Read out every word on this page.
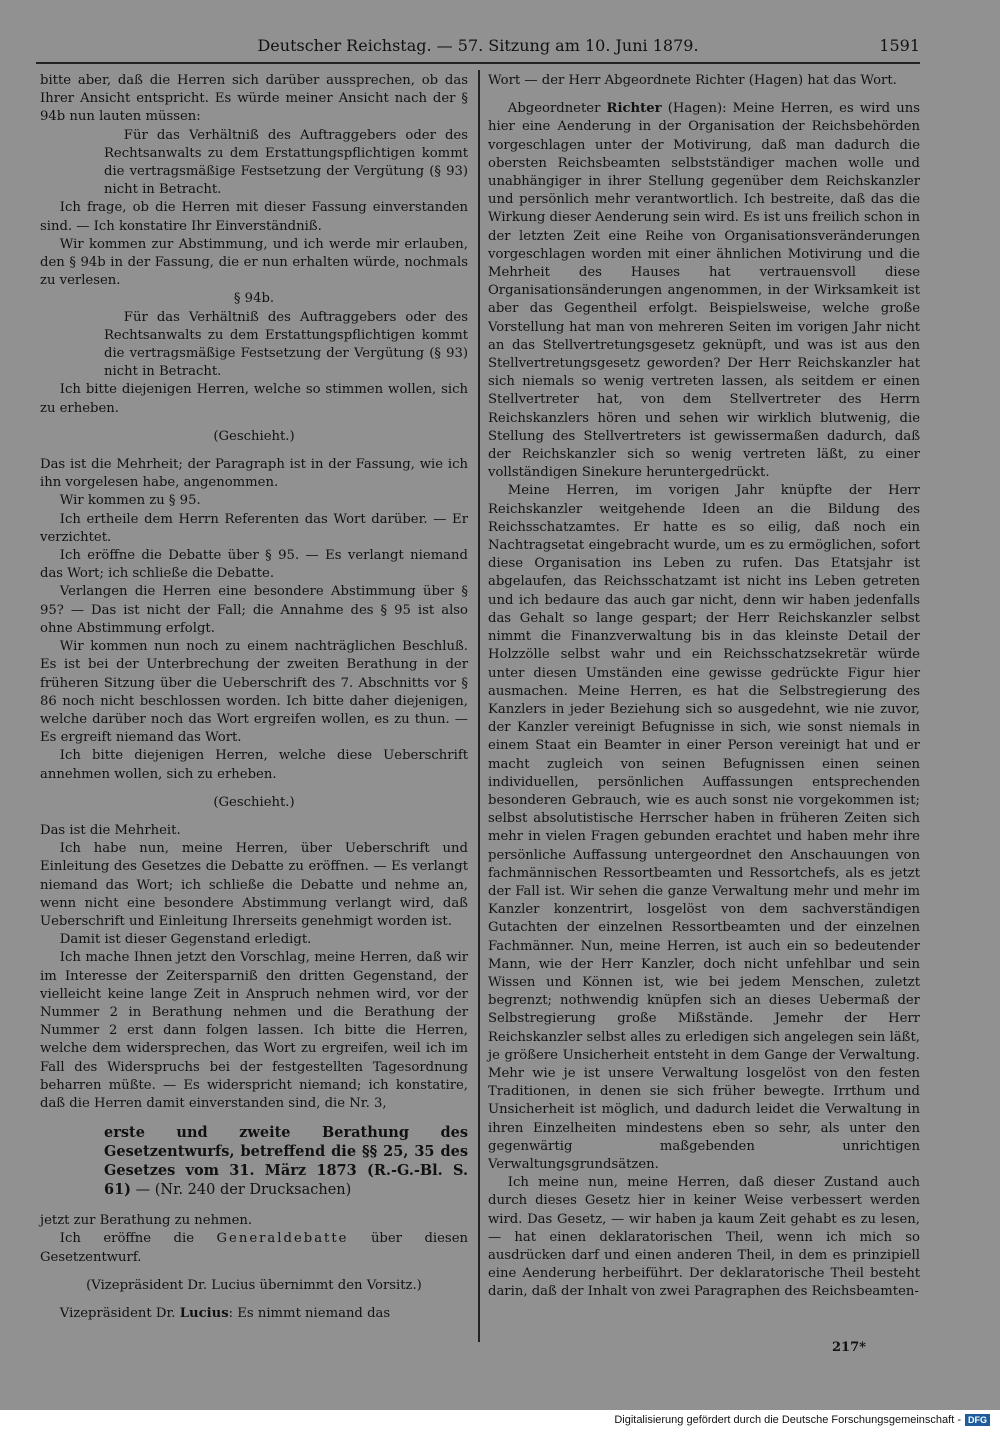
Deutscher Reichstag. — 57. Sitzung am 10. Juni 1879.	1591

bitte aber, daß die Herren sich darüber aussprechen, ob das Ihrer Ansicht entspricht. Es würde meiner Ansicht nach der § 94b nun lauten müssen:

Für das Verhältniß des Auftraggebers oder des Rechtsanwalts zu dem Erstattungspflichtigen kommt die vertragsmäßige Festsetzung der Vergütung (§ 93) nicht in Betracht.

Ich frage, ob die Herren mit dieser Fassung einverstanden sind. — Ich konstatire Ihr Einverständniß.

Wir kommen zur Abstimmung, und ich werde mir erlauben, den § 94b in der Fassung, die er nun erhalten würde, nochmals zu verlesen.

§ 94b.

Für das Verhältniß des Auftraggebers oder des Rechtsanwalts zu dem Erstattungspflichtigen kommt die vertragsmäßige Festsetzung der Vergütung (§ 93) nicht in Betracht.

Ich bitte diejenigen Herren, welche so stimmen wollen, sich zu erheben.

(Geschieht.)

Das ist die Mehrheit; der Paragraph ist in der Fassung, wie ich ihn vorgelesen habe, angenommen.

Wir kommen zu § 95.

Ich ertheile dem Herrn Referenten das Wort darüber. — Er verzichtet.

Ich eröffne die Debatte über § 95. — Es verlangt niemand das Wort; ich schließe die Debatte.

Verlangen die Herren eine besondere Abstimmung über § 95? — Das ist nicht der Fall; die Annahme des § 95 ist also ohne Abstimmung erfolgt.

Wir kommen nun noch zu einem nachträglichen Beschluß. Es ist bei der Unterbrechung der zweiten Berathung in der früheren Sitzung über die Ueberschrift des 7. Abschnitts vor § 86 noch nicht beschlossen worden. Ich bitte daher diejenigen, welche darüber noch das Wort ergreifen wollen, es zu thun. — Es ergreift niemand das Wort.

Ich bitte diejenigen Herren, welche diese Ueberschrift annehmen wollen, sich zu erheben.

(Geschieht.)

Das ist die Mehrheit.

Ich habe nun, meine Herren, über Ueberschrift und Einleitung des Gesetzes die Debatte zu eröffnen. — Es verlangt niemand das Wort; ich schließe die Debatte und nehme an, wenn nicht eine besondere Abstimmung verlangt wird, daß Ueberschrift und Einleitung Ihrerseits genehmigt worden ist.

Damit ist dieser Gegenstand erledigt.

Ich mache Ihnen jetzt den Vorschlag, meine Herren, daß wir im Interesse der Zeitersparniß den dritten Gegenstand, der vielleicht keine lange Zeit in Anspruch nehmen wird, vor der Nummer 2 in Berathung nehmen und die Berathung der Nummer 2 erst dann folgen lassen. Ich bitte die Herren, welche dem widersprechen, das Wort zu ergreifen, weil ich im Fall des Widerspruchs bei der festgestellten Tagesordnung beharren müßte. — Es widerspricht niemand; ich konstatire, daß die Herren damit einverstanden sind, die Nr. 3,

erste und zweite Berathung des Gesetzentwurfs, betreffend die §§ 25, 35 des Gesetzes vom 31. März 1873 (R.-G.-Bl. S. 61) — (Nr. 240 der Drucksachen)

jetzt zur Berathung zu nehmen.

Ich eröffne die Generaldebatte über diesen Gesetzentwurf.

(Vizepräsident Dr. Lucius übernimmt den Vorsitz.)

Vizepräsident Dr. Lucius: Es nimmt niemand das

Wort — der Herr Abgeordnete Richter (Hagen) hat das Wort.

Abgeordneter Richter (Hagen): Meine Herren, es wird uns hier eine Aenderung in der Organisation der Reichsbehörden vorgeschlagen unter der Motivirung, daß man dadurch die obersten Reichsbeamten selbstständiger machen wolle und unabhängiger in ihrer Stellung gegenüber dem Reichskanzler und persönlich mehr verantwortlich. Ich bestreite, daß das die Wirkung dieser Aenderung sein wird. Es ist uns freilich schon in der letzten Zeit eine Reihe von Organisationsveränderungen vorgeschlagen worden mit einer ähnlichen Motivirung und die Mehrheit des Hauses hat vertrauensvoll diese Organisationsänderungen angenommen, in der Wirksamkeit ist aber das Gegentheil erfolgt. Beispielsweise, welche große Vorstellung hat man von mehreren Seiten im vorigen Jahr nicht an das Stellvertretungsgesetz geknüpft, und was ist aus den Stellvertretungsgesetz geworden? Der Herr Reichskanzler hat sich niemals so wenig vertreten lassen, als seitdem er einen Stellvertreter hat, von dem Stellvertreter des Herrn Reichskanzlers hören und sehen wir wirklich blutwenig, die Stellung des Stellvertreters ist gewissermaßen dadurch, daß der Reichskanzler sich so wenig vertreten läßt, zu einer vollständigen Sinekure heruntergedrückt.

Meine Herren, im vorigen Jahr knüpfte der Herr Reichskanzler weitgehende Ideen an die Bildung des Reichsschatzamtes. Er hatte es so eilig, daß noch ein Nachtragsetat eingebracht wurde, um es zu ermöglichen, sofort diese Organisation ins Leben zu rufen. Das Etatsjahr ist abgelaufen, das Reichsschatzamt ist nicht ins Leben getreten und ich bedaure das auch gar nicht, denn wir haben jedenfalls das Gehalt so lange gespart; der Herr Reichskanzler selbst nimmt die Finanzverwaltung bis in das kleinste Detail der Holzzölle selbst wahr und ein Reichsschatzsekretär würde unter diesen Umständen eine gewisse gedrückte Figur hier ausmachen. Meine Herren, es hat die Selbstregierung des Kanzlers in jeder Beziehung sich so ausgedehnt, wie nie zuvor, der Kanzler vereinigt Befugnisse in sich, wie sonst niemals in einem Staat ein Beamter in einer Person vereinigt hat und er macht zugleich von seinen Befugnissen einen seinen individuellen, persönlichen Auffassungen entsprechenden besonderen Gebrauch, wie es auch sonst nie vorgekommen ist; selbst absolutistische Herrscher haben in früheren Zeiten sich mehr in vielen Fragen gebunden erachtet und haben mehr ihre persönliche Auffassung untergeordnet den Anschauungen von fachmännischen Ressortbeamten und Ressortchefs, als es jetzt der Fall ist. Wir sehen die ganze Verwaltung mehr und mehr im Kanzler konzentrirt, losgelöst von dem sachverständigen Gutachten der einzelnen Ressortbeamten und der einzelnen Fachmänner. Nun, meine Herren, ist auch ein so bedeutender Mann, wie der Herr Kanzler, doch nicht unfehlbar und sein Wissen und Können ist, wie bei jedem Menschen, zuletzt begrenzt; nothwendig knüpfen sich an dieses Uebermaß der Selbstregierung große Mißstände. Jemehr der Herr Reichskanzler selbst alles zu erledigen sich angelegen sein läßt, je größere Unsicherheit entsteht in dem Gange der Verwaltung. Mehr wie je ist unsere Verwaltung losgelöst von den festen Traditionen, in denen sie sich früher bewegte. Irrthum und Unsicherheit ist möglich, und dadurch leidet die Verwaltung in ihren Einzelheiten mindestens eben so sehr, als unter den gegenwärtig maßgebenden unrichtigen Verwaltungsgrundsätzen.

Ich meine nun, meine Herren, daß dieser Zustand auch durch dieses Gesetz hier in keiner Weise verbessert werden wird. Das Gesetz, — wir haben ja kaum Zeit gehabt es zu lesen, — hat einen deklaratorischen Theil, wenn ich mich so ausdrücken darf und einen anderen Theil, in dem es prinzipiell eine Aenderung herbeiführt. Der deklaratorische Theil besteht darin, daß der Inhalt von zwei Paragraphen des Reichsbeamten-

217*
Digitalisierung gefördert durch die Deutsche Forschungsgemeinschaft - DFG
